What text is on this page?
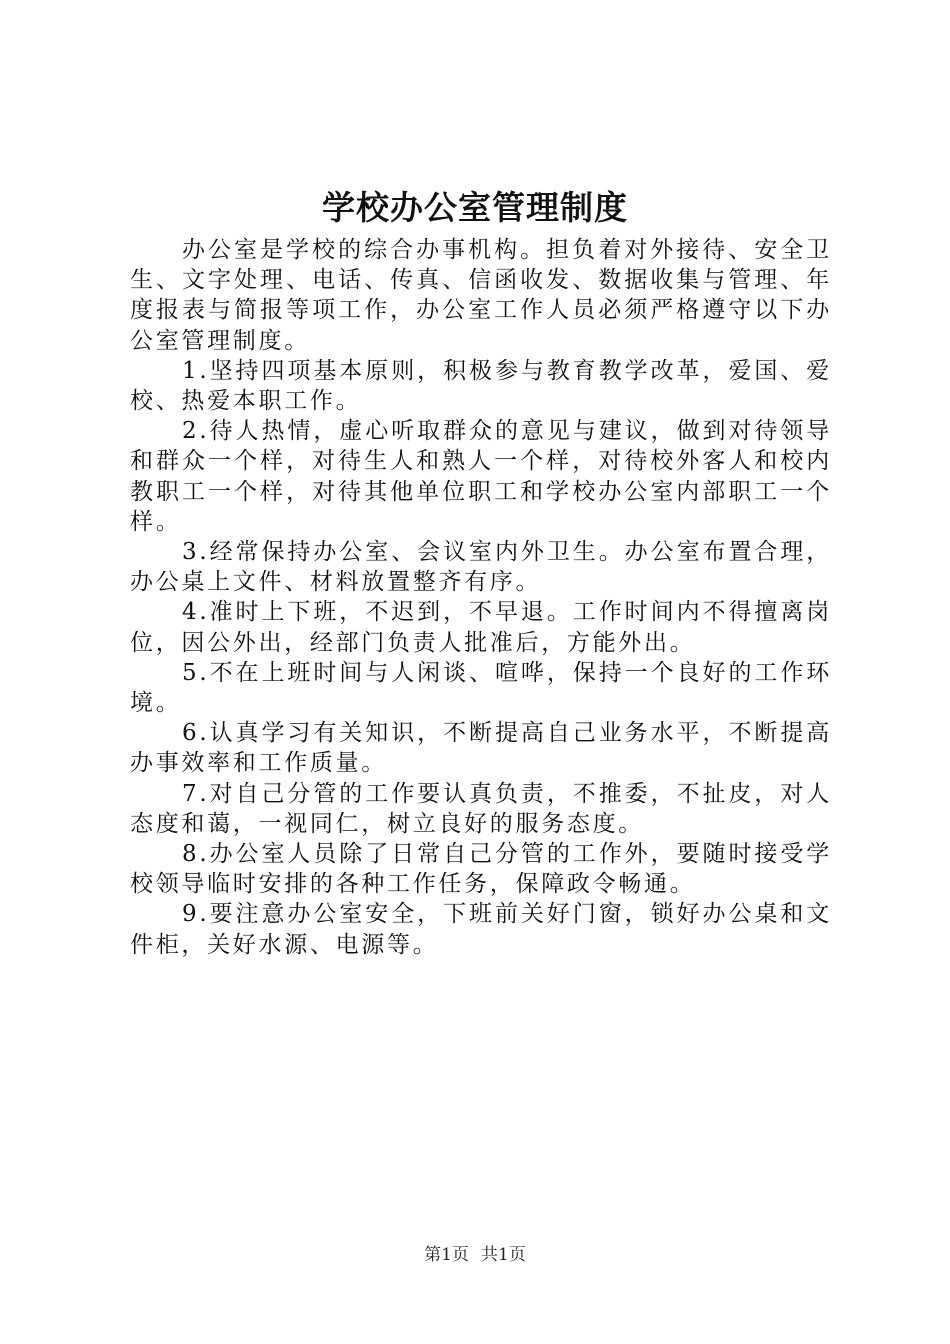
学校办公室管理制度

办公室是学校的综合办事机构。担负着对外接待、安全卫生、文字处理、电话、传真、信函收发、数据收集与管理、年度报表与简报等项工作，办公室工作人员必须严格遵守以下办公室管理制度。

1.坚持四项基本原则，积极参与教育教学改革，爱国、爱校、热爱本职工作。

2.待人热情，虚心听取群众的意见与建议，做到对待领导和群众一个样，对待生人和熟人一个样，对待校外客人和校内教职工一个样，对待其他单位职工和学校办公室内部职工一个样。

3.经常保持办公室、会议室内外卫生。办公室布置合理，办公桌上文件、材料放置整齐有序。

4.准时上下班，不迟到，不早退。工作时间内不得擅离岗位，因公外出，经部门负责人批准后，方能外出。

5.不在上班时间与人闲谈、喧哗，保持一个良好的工作环境。

6.认真学习有关知识，不断提高自己业务水平，不断提高办事效率和工作质量。

7.对自己分管的工作要认真负责，不推委，不扯皮，对人态度和蔼，一视同仁，树立良好的服务态度。

8.办公室人员除了日常自己分管的工作外，要随时接受学校领导临时安排的各种工作任务，保障政令畅通。

9.要注意办公室安全，下班前关好门窗，锁好办公桌和文件柜，关好水源、电源等。

第1页 共1页
